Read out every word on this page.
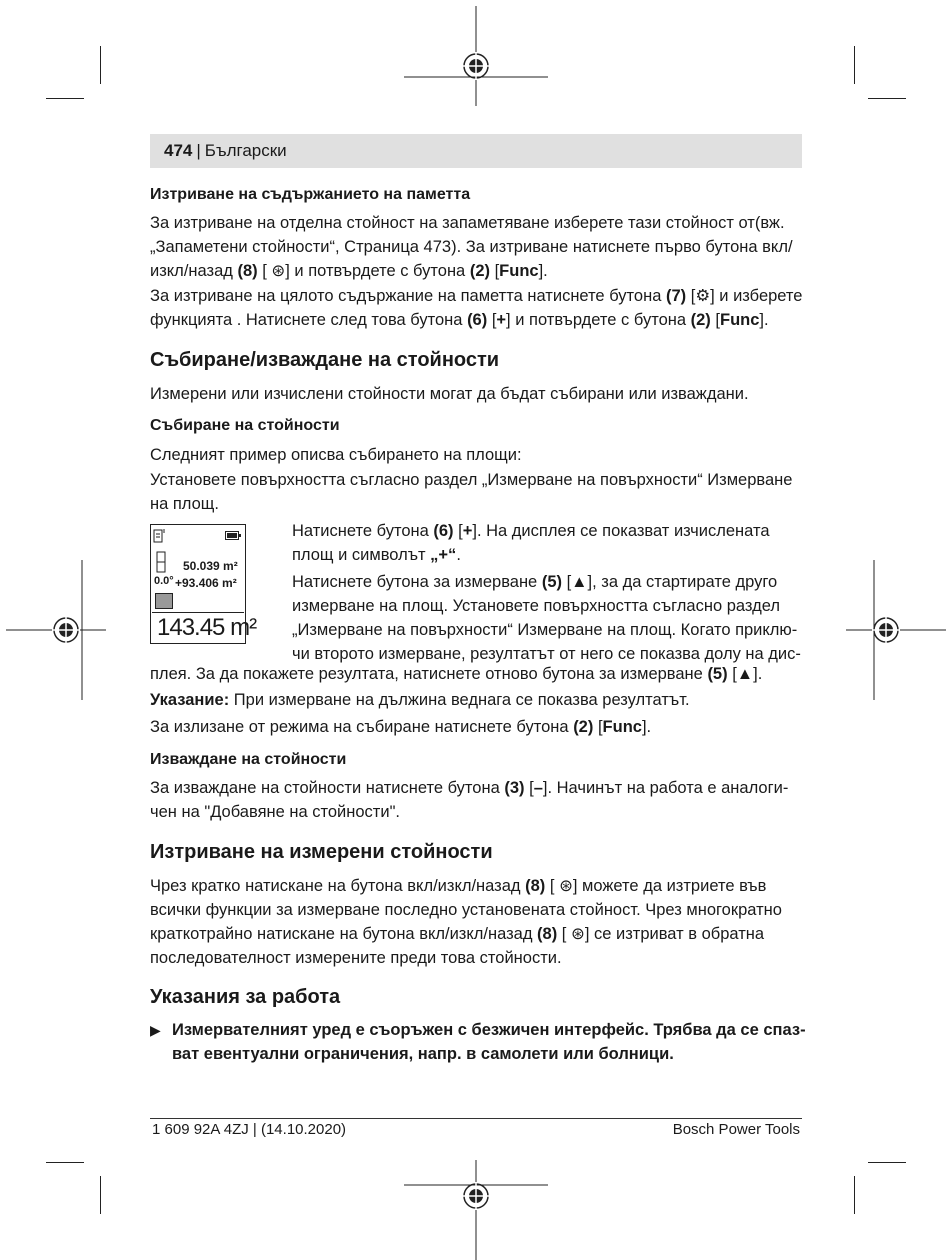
474 | Български
Изтриване на съдържанието на паметта
За изтриване на отделна стойност на запаметяване изберете тази стойност от(вж.
„Запаметени стойности“, Страница 473). За изтриване натиснете първо бутона вкл/
изкл/назад (8) [ ⊛] и потвърдете с бутона (2) [Func].
За изтриване на цялото съдържание на паметта натиснете бутона (7) [⚙] и изберете
функцията . Натиснете след това бутона (6) [+] и потвърдете с бутона (2) [Func].
Събиране/изваждане на стойности
Измерени или изчислени стойности могат да бъдат събирани или изваждани.
Събиране на стойности
Следният пример описва събирането на площи:
Установете повърхността съгласно раздел „Измерване на повърхности“ Измерване
на площ.
50.039 m²
0.0° +93.406 m²
143.45 m²
Натиснете бутона (6) [+]. На дисплея се показват изчислената
площ и символът „+“.
Натиснете бутона за измерване (5) [▲], за да стартирате друго
измерване на площ. Установете повърхността съгласно раздел
„Измерване на повърхности“ Измерване на площ. Когато приклю-
чи второто измерване, резултатът от него се показва долу на дис-
плея. За да покажете резултата, натиснете отново бутона за измерване (5) [▲].
Указание: При измерване на дължина веднага се показва резултатът.
За излизане от режима на събиране натиснете бутона (2) [Func].
Изваждане на стойности
За изваждане на стойности натиснете бутона (3) [–]. Начинът на работа е аналоги-
чен на "Добавяне на стойности".
Изтриване на измерени стойности
Чрез кратко натискане на бутона вкл/изкл/назад (8) [ ⊛] можете да изтриете във
всички функции за измерване последно установената стойност. Чрез многократно
краткотрайно натискане на бутона вкл/изкл/назад (8) [ ⊛] се изтриват в обратна
последователност измерените преди това стойности.
Указания за работа
▶ Измервателният уред е съоръжен с безжичен интерфейс. Трябва да се спаз-
ват евентуални ограничения, напр. в самолети или болници.
1 609 92A 4ZJ | (14.10.2020)	Bosch Power Tools
